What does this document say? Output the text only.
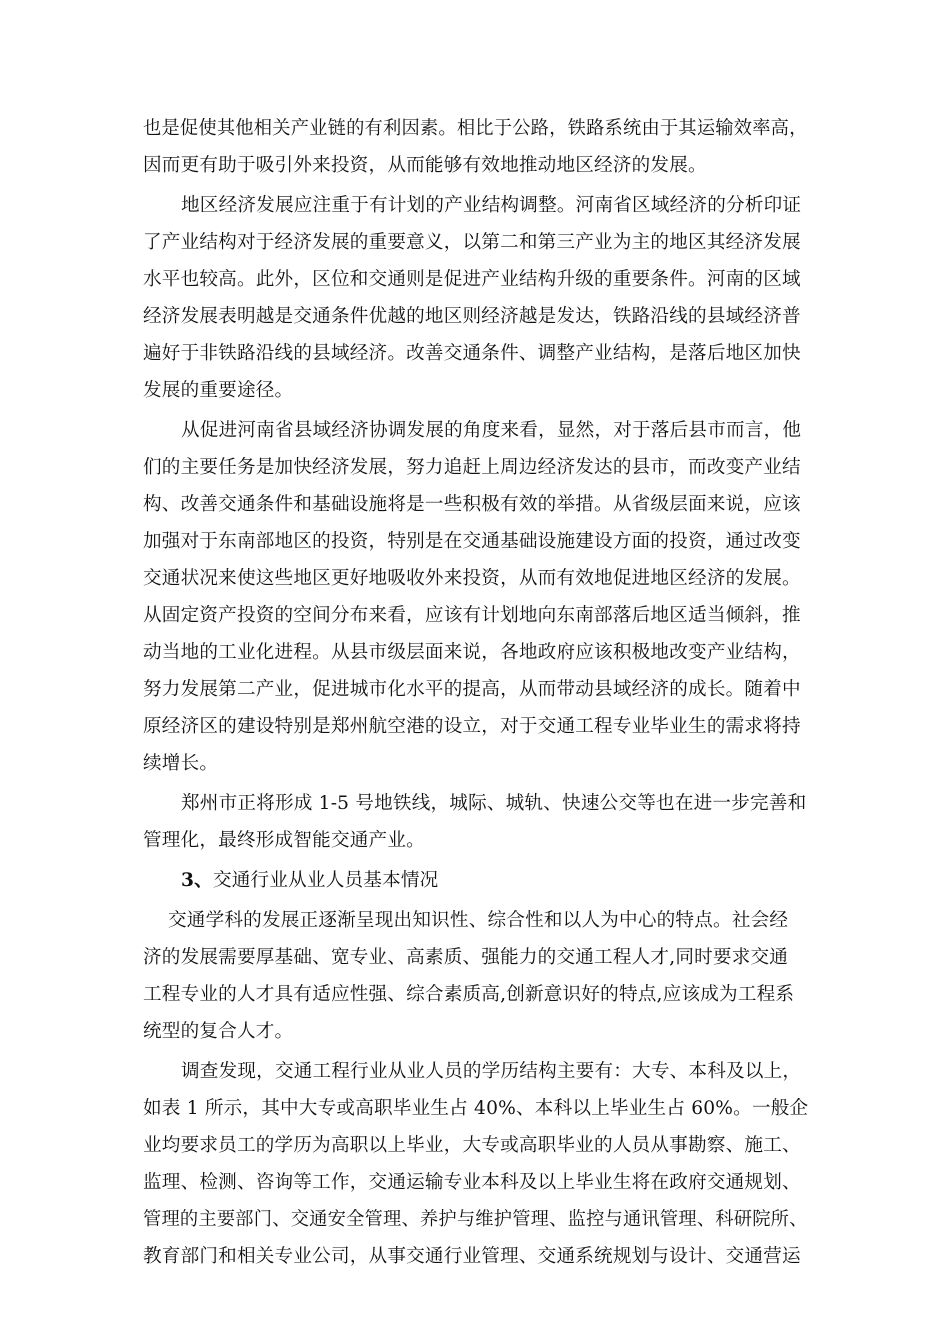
也是促使其他相关产业链的有利因素。相比于公路，铁路系统由于其运输效率高，
因而更有助于吸引外来投资，从而能够有效地推动地区经济的发展。
地区经济发展应注重于有计划的产业结构调整。河南省区域经济的分析印证
了产业结构对于经济发展的重要意义，以第二和第三产业为主的地区其经济发展
水平也较高。此外，区位和交通则是促进产业结构升级的重要条件。河南的区域
经济发展表明越是交通条件优越的地区则经济越是发达，铁路沿线的县域经济普
遍好于非铁路沿线的县域经济。改善交通条件、调整产业结构，是落后地区加快
发展的重要途径。
从促进河南省县域经济协调发展的角度来看，显然，对于落后县市而言，他
们的主要任务是加快经济发展，努力追赶上周边经济发达的县市，而改变产业结
构、改善交通条件和基础设施将是一些积极有效的举措。从省级层面来说，应该
加强对于东南部地区的投资，特别是在交通基础设施建设方面的投资，通过改变
交通状况来使这些地区更好地吸收外来投资，从而有效地促进地区经济的发展。
从固定资产投资的空间分布来看，应该有计划地向东南部落后地区适当倾斜，推
动当地的工业化进程。从县市级层面来说，各地政府应该积极地改变产业结构，
努力发展第二产业，促进城市化水平的提高，从而带动县域经济的成长。随着中
原经济区的建设特别是郑州航空港的设立，对于交通工程专业毕业生的需求将持
续增长。
郑州市正将形成 1-5 号地铁线，城际、城轨、快速公交等也在进一步完善和
管理化，最终形成智能交通产业。
3、交通行业从业人员基本情况
交通学科的发展正逐渐呈现出知识性、综合性和以人为中心的特点。社会经
济的发展需要厚基础、宽专业、高素质、强能力的交通工程人才,同时要求交通
工程专业的人才具有适应性强、综合素质高,创新意识好的特点,应该成为工程系
统型的复合人才。
调查发现，交通工程行业从业人员的学历结构主要有：大专、本科及以上，
如表 1 所示，其中大专或高职毕业生占 40%、本科以上毕业生占 60%。一般企
业均要求员工的学历为高职以上毕业，大专或高职毕业的人员从事勘察、施工、
监理、检测、咨询等工作，交通运输专业本科及以上毕业生将在政府交通规划、
管理的主要部门、交通安全管理、养护与维护管理、监控与通讯管理、科研院所、
教育部门和相关专业公司，从事交通行业管理、交通系统规划与设计、交通营运
